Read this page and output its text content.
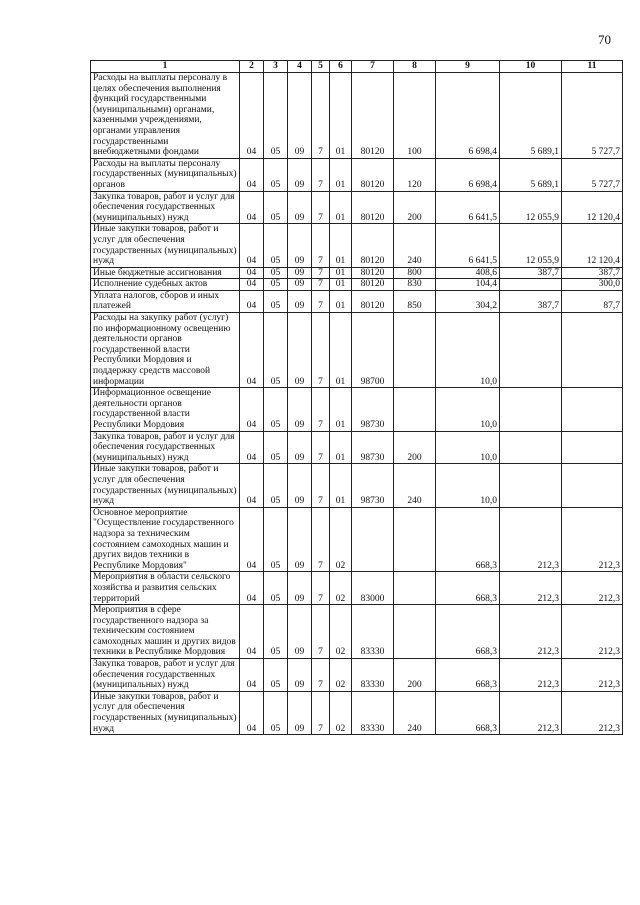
70
1	2	3	4	5	6	7	8	9	10	11
Расходы на выплаты персоналу в целях обеспечения выполнения функций государственными (муниципальными) органами, казенными учреждениями, органами управления государственными внебюджетными фондами	04	05	09	7	01	80120	100	6 698,4	5 689,1	5 727,7
Расходы на выплаты персоналу государственных (муниципальных) органов	04	05	09	7	01	80120	120	6 698,4	5 689,1	5 727,7
Закупка товаров, работ и услуг для обеспечения государственных (муниципальных) нужд	04	05	09	7	01	80120	200	6 641,5	12 055,9	12 120,4
Иные закупки товаров, работ и услуг для обеспечения государственных (муниципальных) нужд	04	05	09	7	01	80120	240	6 641,5	12 055,9	12 120,4
Иные бюджетные ассигнования	04	05	09	7	01	80120	800	408,6	387,7	387,7
Исполнение судебных актов	04	05	09	7	01	80120	830	104,4		300,0
Уплата налогов, сборов и иных платежей	04	05	09	7	01	80120	850	304,2	387,7	87,7
Расходы на закупку работ (услуг) по информационному освещению деятельности органов государственной власти Республики Мордовия и поддержку средств массовой информации	04	05	09	7	01	98700		10,0		
Информационное освещение деятельности органов государственной власти Республики Мордовия	04	05	09	7	01	98730		10,0		
Закупка товаров, работ и услуг для обеспечения государственных (муниципальных) нужд	04	05	09	7	01	98730	200	10,0		
Иные закупки товаров, работ и услуг для обеспечения государственных (муниципальных) нужд	04	05	09	7	01	98730	240	10,0		
Основное мероприятие "Осуществление государственного надзора за техническим состоянием самоходных машин и других видов техники в Республике Мордовия"	04	05	09	7	02			668,3	212,3	212,3
Мероприятия в области сельского хозяйства и развития сельских территорий	04	05	09	7	02	83000		668,3	212,3	212,3
Мероприятия в сфере государственного надзора за техническим состоянием самоходных машин и других видов техники в Республике Мордовия	04	05	09	7	02	83330		668,3	212,3	212,3
Закупка товаров, работ и услуг для обеспечения государственных (муниципальных) нужд	04	05	09	7	02	83330	200	668,3	212,3	212,3
Иные закупки товаров, работ и услуг для обеспечения государственных (муниципальных) нужд	04	05	09	7	02	83330	240	668,3	212,3	212,3
